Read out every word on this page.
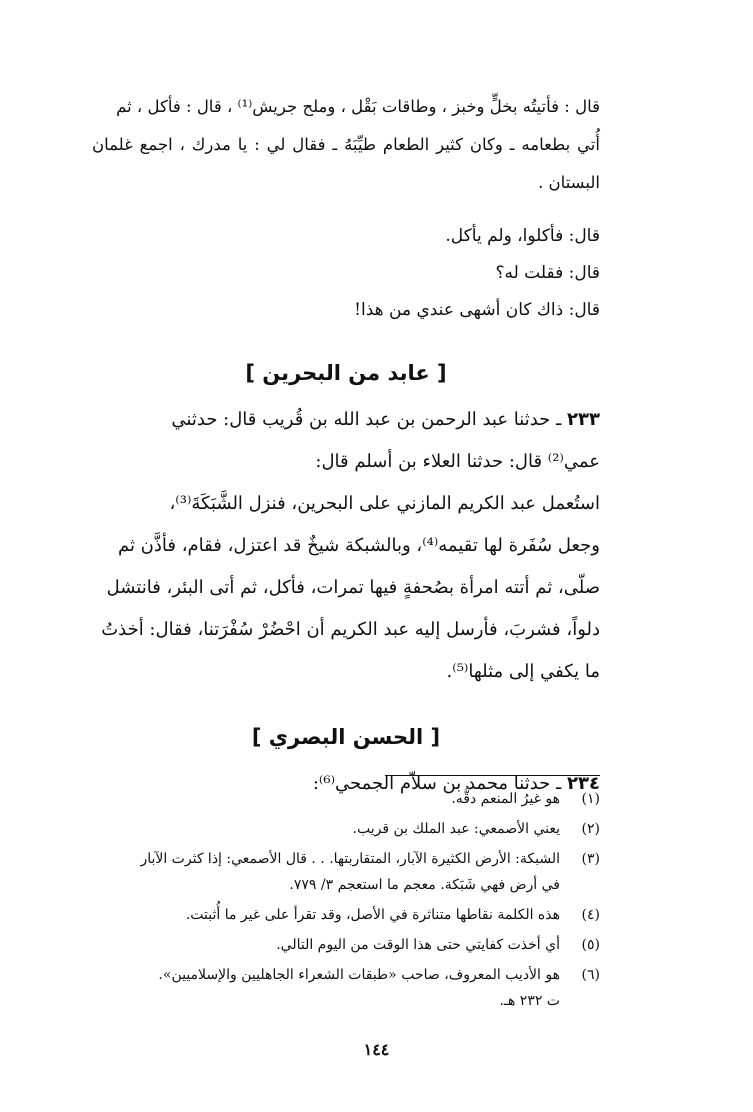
قال : فأتيتُه بخلٍّ وخبز ، وطاقات بَقْل ، وملح جريش⁽¹⁾ ، قال : فأكل ، ثم

أُتي بطعامه ـ وكان كثير الطعام طيِّبَهُ ـ فقال لي : يا مدرك ، اجمع غلمان البستان .

قال: فأكلوا، ولم يأكل.

قال: فقلت له؟

قال: ذاك كان أشهى عندي من هذا!

[ عابد من البحرين ]

٢٣٣ ـ حدثنا عبد الرحمن بن عبد الله بن قُريب قال: حدثني

عمي⁽²⁾ قال: حدثنا العلاء بن أسلم قال:

استُعمل عبد الكريم المازني على البحرين، فنزل الشَّبَكَةَ⁽³⁾،

وجعل سُفَرة لها تقيمه⁽⁴⁾، وبالشبكة شيخٌ قد اعتزل، فقام، فأذَّن ثم

صلّى، ثم أتته امرأة بصُحفةٍ فيها تمرات، فأكل، ثم أتى البئر، فانتشل

دلواً، فشربَ، فأرسل إليه عبد الكريم أن احْضُرْ سُفْرَتنا، فقال: أخذتُ

ما يكفي إلى مثلها⁽⁵⁾.

[ الحسن البصري ]

٢٣٤ ـ حدثنا محمد بن سلاّم الجمحي⁽⁶⁾:

(١)
هو غيرُ المنعم دقُّه.
(٢)
يعني الأصمعي: عبد الملك بن قريب.
(٣)
الشبكة: الأرض الكثيرة الآبار، المتقاربتها. . . قال الأصمعي: إذا كثرت الآبار
في أرض فهي شَبَكة. معجم ما استعجم ٣/ ٧٧٩.
(٤)
هذه الكلمة نقاطها متناثرة في الأصل، وقد تقرأ على غير ما أُثبتت.
(٥)
أي أخذت كفايتي حتى هذا الوقت من اليوم التالي.
(٦)
هو الأديب المعروف، صاحب «طبقات الشعراء الجاهليين والإسلاميين».
ت ٢٣٢ هـ.
١٤٤
